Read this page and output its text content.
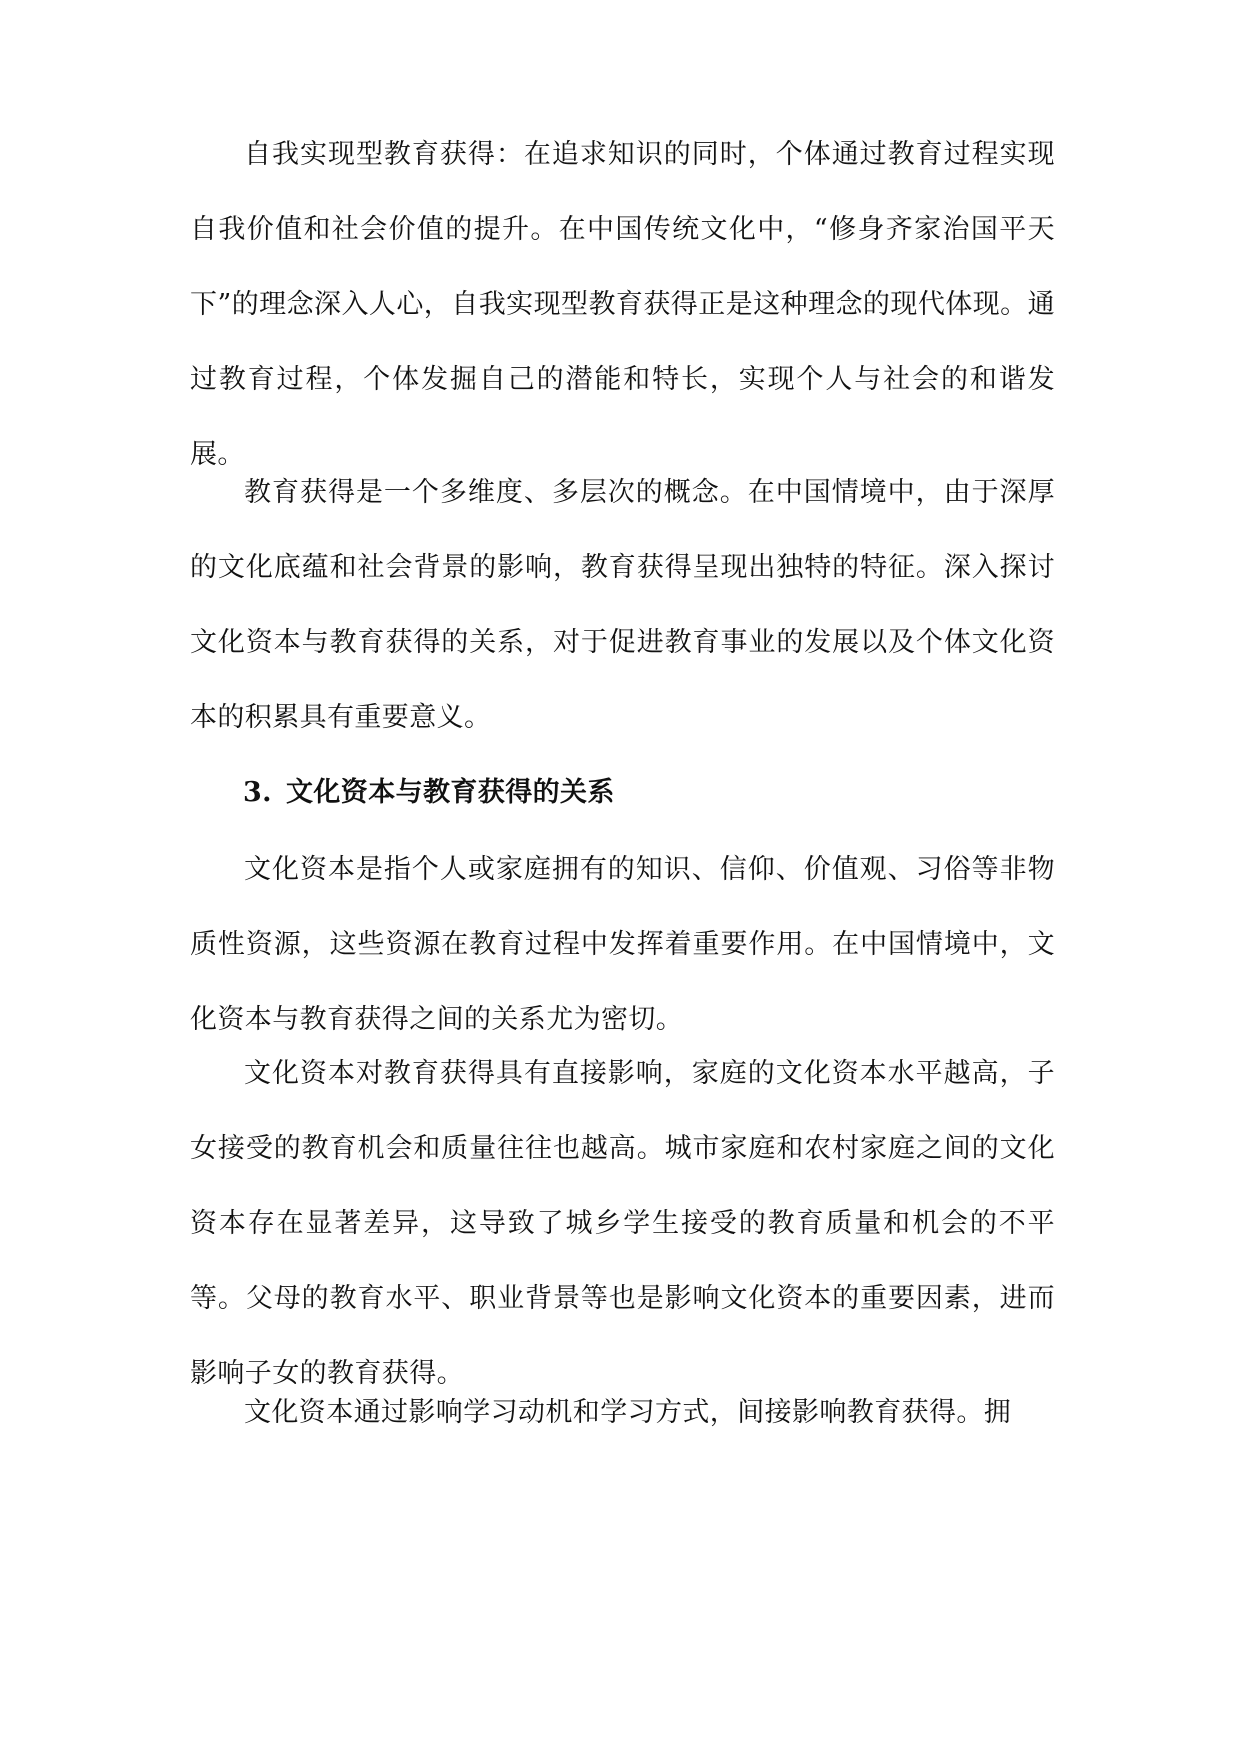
自我实现型教育获得：在追求知识的同时，个体通过教育过程实现自我价值和社会价值的提升。在中国传统文化中，“修身齐家治国平天下”的理念深入人心，自我实现型教育获得正是这种理念的现代体现。通过教育过程，个体发掘自己的潜能和特长，实现个人与社会的和谐发展。

教育获得是一个多维度、多层次的概念。在中国情境中，由于深厚的文化底蕴和社会背景的影响，教育获得呈现出独特的特征。深入探讨文化资本与教育获得的关系，对于促进教育事业的发展以及个体文化资本的积累具有重要意义。

3. 文化资本与教育获得的关系

文化资本是指个人或家庭拥有的知识、信仰、价值观、习俗等非物质性资源，这些资源在教育过程中发挥着重要作用。在中国情境中，文化资本与教育获得之间的关系尤为密切。

文化资本对教育获得具有直接影响，家庭的文化资本水平越高，子女接受的教育机会和质量往往也越高。城市家庭和农村家庭之间的文化资本存在显著差异，这导致了城乡学生接受的教育质量和机会的不平等。父母的教育水平、职业背景等也是影响文化资本的重要因素，进而影响子女的教育获得。

文化资本通过影响学习动机和学习方式，间接影响教育获得。拥
